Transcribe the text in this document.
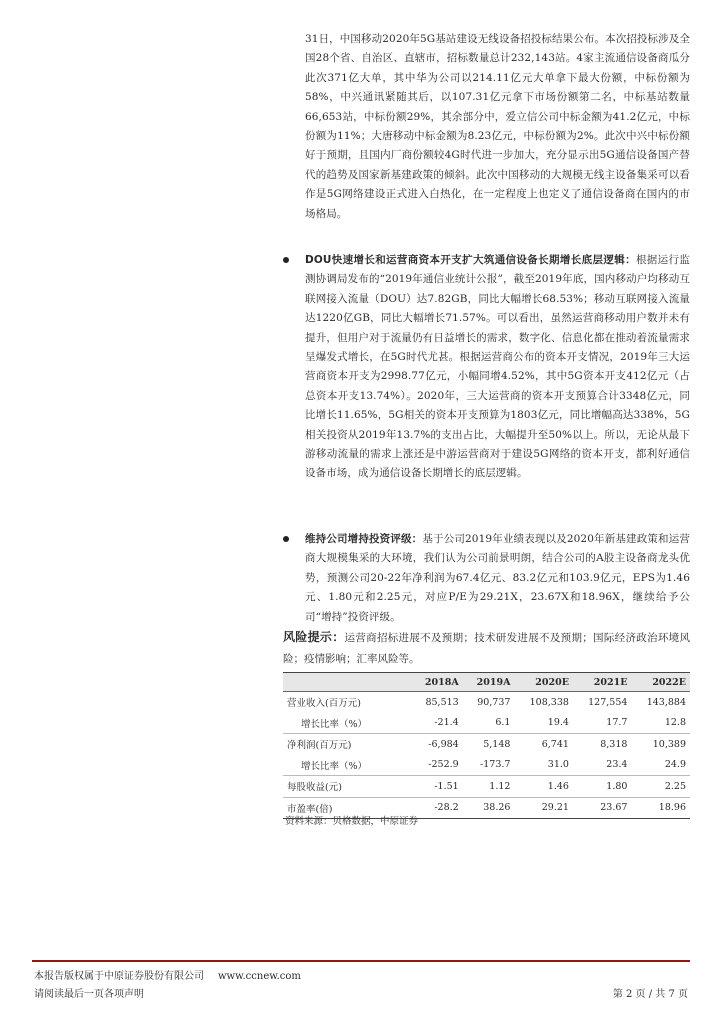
31日，中国移动2020年5G基站建设无线设备招投标结果公布。本次招投标涉及全国28个省、自治区、直辖市，招标数量总计232,143站。4家主流通信设备商瓜分此次371亿大单，其中华为公司以214.11亿元大单拿下最大份额，中标份额为58%，中兴通讯紧随其后，以107.31亿元拿下市场份额第二名，中标基站数量66,653站，中标份额29%，其余部分中，爱立信公司中标金额为41.2亿元，中标份额为11%；大唐移动中标金额为8.23亿元，中标份额为2%。此次中兴中标份额好于预期，且国内厂商份额较4G时代进一步加大，充分显示出5G通信设备国产替代的趋势及国家新基建政策的倾斜。此次中国移动的大规模无线主设备集采可以看作是5G网络建设正式进入白热化，在一定程度上也定义了通信设备商在国内的市场格局。
DOU快速增长和运营商资本开支扩大筑通信设备长期增长底层逻辑：根据运行监测协调局发布的“2019年通信业统计公报”，截至2019年底，国内移动户均移动互联网接入流量（DOU）达7.82GB，同比大幅增长68.53%；移动互联网接入流量达1220亿GB，同比大幅增长71.57%。可以看出，虽然运营商移动用户数并未有提升，但用户对于流量仍有日益增长的需求，数字化、信息化都在推动着流量需求呈爆发式增长，在5G时代尤甚。根据运营商公布的资本开支情况，2019年三大运营商资本开支为2998.77亿元，小幅同增4.52%，其中5G资本开支412亿元（占总资本开支13.74%）。2020年，三大运营商的资本开支预算合计3348亿元，同比增长11.65%，5G相关的资本开支预算为1803亿元，同比增幅高达338%，5G相关投资从2019年13.7%的支出占比，大幅提升至50%以上。所以，无论从最下游移动流量的需求上涨还是中游运营商对于建设5G网络的资本开支，都利好通信设备市场，成为通信设备长期增长的底层逻辑。
维持公司增持投资评级：基于公司2019年业绩表现以及2020年新基建政策和运营商大规模集采的大环境，我们认为公司前景明朗，结合公司的A股主设备商龙头优势，预测公司20-22年净利润为67.4亿元、83.2亿元和103.9亿元，EPS为1.46元、1.80元和2.25元，对应P/E为29.21X，23.67X和18.96X，继续给予公司“增持”投资评级。
风险提示：运营商招标进展不及预期；技术研发进展不及预期；国际经济政治环境风险；疫情影响；汇率风险等。
	2018A	2019A	2020E	2021E	2022E
营业收入(百万元)	85,513	90,737	108,338	127,554	143,884
增长比率（%）	-21.4	6.1	19.4	17.7	12.8
净利润(百万元)	-6,984	5,148	6,741	8,318	10,389
增长比率（%）	-252.9	-173.7	31.0	23.4	24.9
每股收益(元)	-1.51	1.12	1.46	1.80	2.25
市盈率(倍)	-28.2	38.26	29.21	23.67	18.96
资料来源：贝格数据，中原证券
本报告版权属于中原证券股份有限公司 www.ccnew.com
请阅读最后一页各项声明	第 2 页 / 共 7 页
